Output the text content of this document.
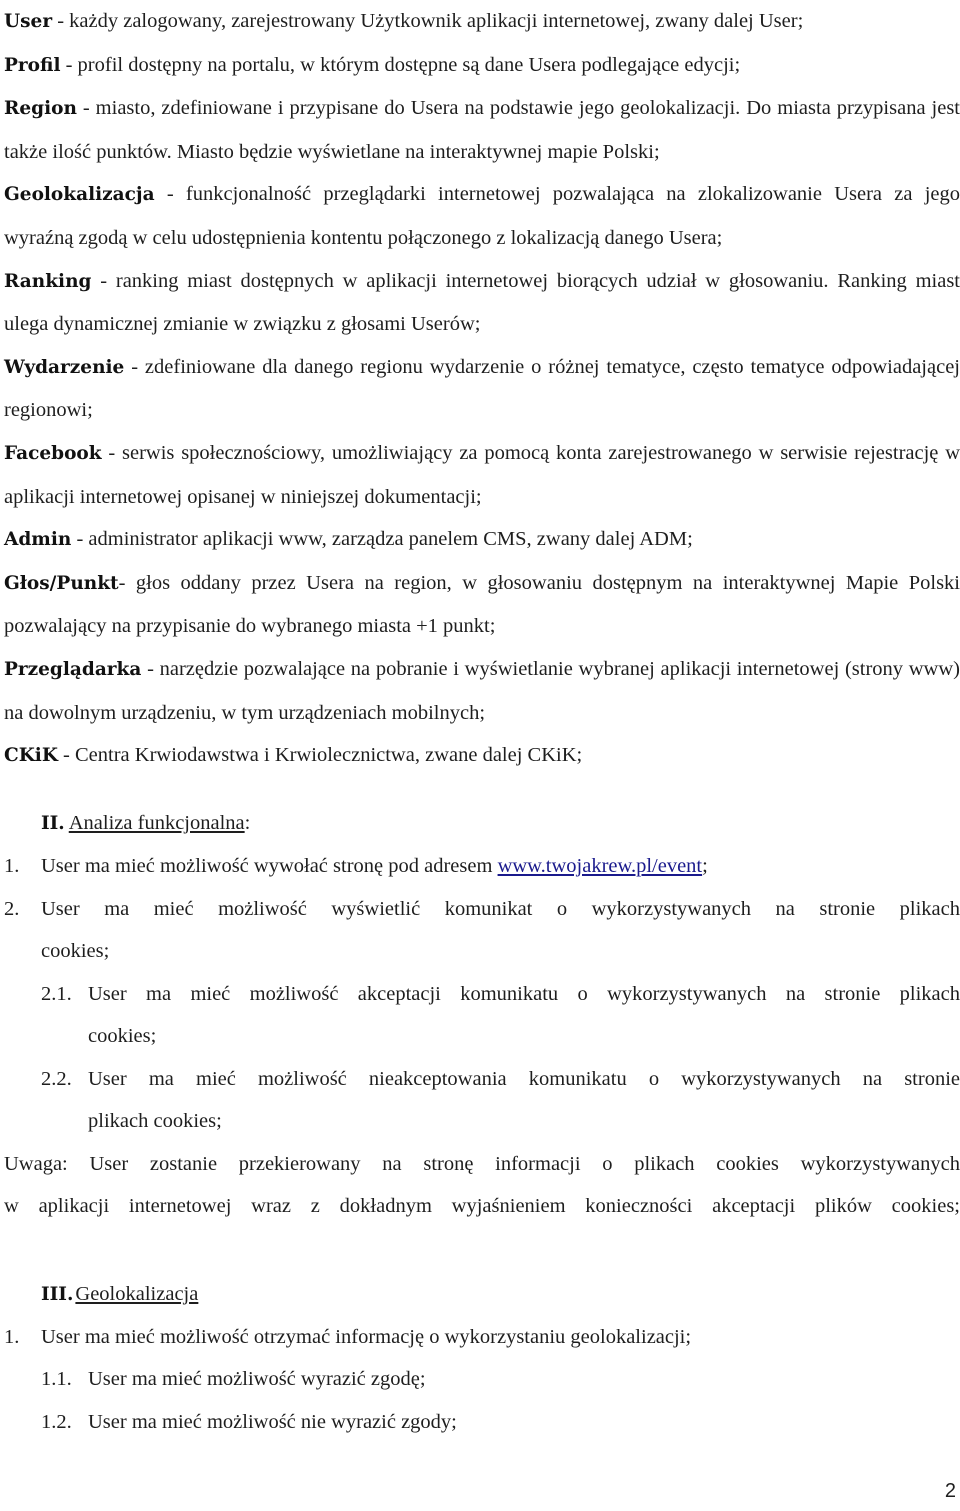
User - każdy zalogowany, zarejestrowany Użytkownik aplikacji internetowej, zwany dalej User;

Profil - profil dostępny na portalu, w którym dostępne są dane Usera podlegające edycji;

Region - miasto, zdefiniowane i przypisane do Usera na podstawie jego geolokalizacji. Do miasta przypisana jest także ilość punktów. Miasto będzie wyświetlane na interaktywnej mapie Polski;

Geolokalizacja - funkcjonalność przeglądarki internetowej pozwalająca na zlokalizowanie Usera za jego wyraźną zgodą w celu udostępnienia kontentu połączonego z lokalizacją danego Usera;

Ranking - ranking miast dostępnych w aplikacji internetowej biorących udział w głosowaniu. Ranking miast ulega dynamicznej zmianie w związku z głosami Userów;

Wydarzenie - zdefiniowane dla danego regionu wydarzenie o różnej tematyce, często tematyce odpowiadającej regionowi;

Facebook - serwis społecznościowy, umożliwiający za pomocą konta zarejestrowanego w serwisie rejestrację w aplikacji internetowej opisanej w niniejszej dokumentacji;

Admin - administrator aplikacji www, zarządza panelem CMS, zwany dalej ADM;

Głos/Punkt- głos oddany przez Usera na region, w głosowaniu dostępnym na interaktywnej Mapie Polski pozwalający na przypisanie do wybranego miasta +1 punkt;

Przeglądarka - narzędzie pozwalające na pobranie i wyświetlanie wybranej aplikacji internetowej (strony www) na dowolnym urządzeniu, w tym urządzeniach mobilnych;

CKiK - Centra Krwiodawstwa i Krwiolecznictwa, zwane dalej CKiK;

II. Analiza funkcjonalna:
1. User ma mieć możliwość wywołać stronę pod adresem www.twojakrew.pl/event;
2. User ma mieć możliwość wyświetlić komunikat o wykorzystywanych na stronie plikach
cookies;
2.1. User ma mieć możliwość akceptacji komunikatu o wykorzystywanych na stronie plikach
cookies;
2.2. User ma mieć możliwość nieakceptowania komunikatu o wykorzystywanych na stronie
plikach cookies;
Uwaga: User zostanie przekierowany na stronę informacji o plikach cookies wykorzystywanych
w aplikacji internetowej wraz z dokładnym wyjaśnieniem konieczności akceptacji plików cookies;
III.Geolokalizacja
1. User ma mieć możliwość otrzymać informację o wykorzystaniu geolokalizacji;
1.1. User ma mieć możliwość wyrazić zgodę;
1.2. User ma mieć możliwość nie wyrazić zgody;
2
